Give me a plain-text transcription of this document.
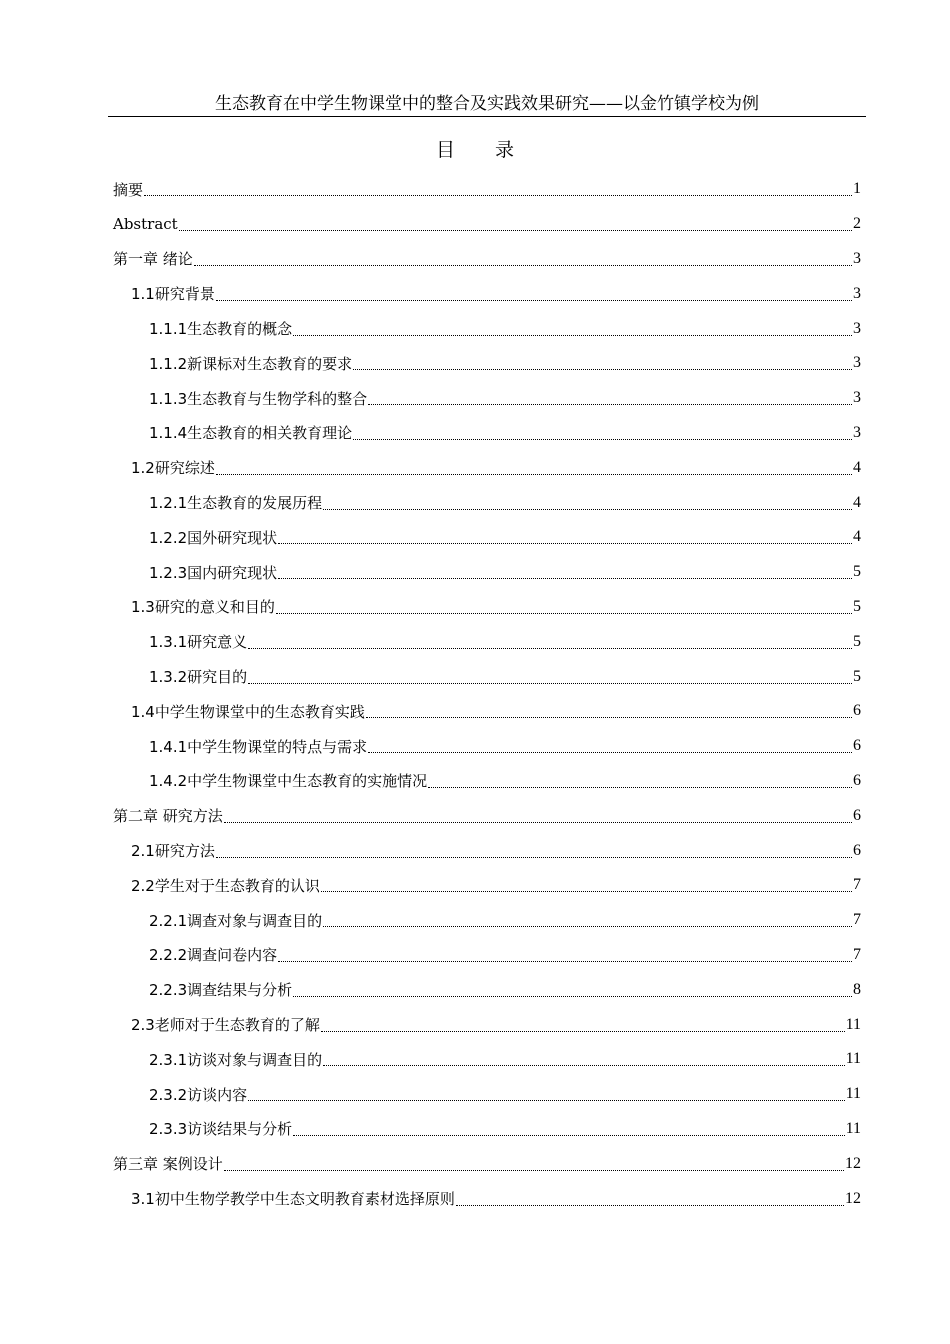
生态教育在中学生物课堂中的整合及实践效果研究——以金竹镇学校为例
目 录
摘要	1
Abstract	2
第一章 绪论	3
1.1研究背景	3
1.1.1生态教育的概念	3
1.1.2新课标对生态教育的要求	3
1.1.3生态教育与生物学科的整合	3
1.1.4生态教育的相关教育理论	3
1.2研究综述	4
1.2.1生态教育的发展历程	4
1.2.2国外研究现状	4
1.2.3国内研究现状	5
1.3研究的意义和目的	5
1.3.1研究意义	5
1.3.2研究目的	5
1.4中学生物课堂中的生态教育实践	6
1.4.1中学生物课堂的特点与需求	6
1.4.2中学生物课堂中生态教育的实施情况	6
第二章 研究方法	6
2.1研究方法	6
2.2学生对于生态教育的认识	7
2.2.1调查对象与调查目的	7
2.2.2调查问卷内容	7
2.2.3调查结果与分析	8
2.3老师对于生态教育的了解	11
2.3.1访谈对象与调查目的	11
2.3.2访谈内容	11
2.3.3访谈结果与分析	11
第三章 案例设计	12
3.1初中生物学教学中生态文明教育素材选择原则	12
